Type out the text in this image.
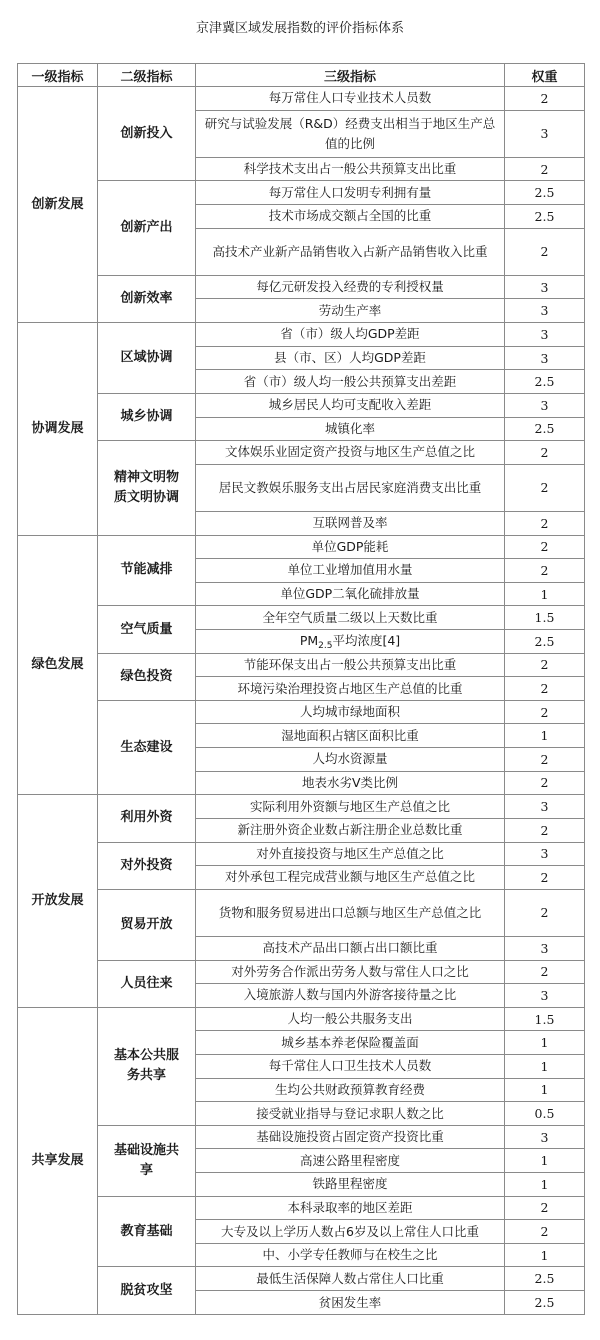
京津冀区域发展指数的评价指标体系
一级指标	二级指标	三级指标	权重
创新发展	创新投入	每万常住人口专业技术人员数	2
		研究与试验发展（R&D）经费支出相当于地区生产总值的比例	3
		科学技术支出占一般公共预算支出比重	2

	创新产出	每万常住人口发明专利拥有量	2.5
		技术市场成交额占全国的比重	2.5
		高技术产业新产品销售收入占新产品销售收入比重	2

	创新效率	每亿元研发投入经费的专利授权量	3
		劳动生产率	3
协调发展	区域协调	省（市）级人均GDP差距	3
		县（市、区）人均GDP差距	3
		省（市）级人均一般公共预算支出差距	2.5

	城乡协调	城乡居民人均可支配收入差距	3
		城镇化率	2.5

	精神文明物质文明协调	文体娱乐业固定资产投资与地区生产总值之比	2
		居民文教娱乐服务支出占居民家庭消费支出比重	2
		互联网普及率	2
绿色发展	节能减排	单位GDP能耗	2
		单位工业增加值用水量	2
		单位GDP二氧化硫排放量	1

	空气质量	全年空气质量二级以上天数比重	1.5
		$PM_{2.5}$平均浓度[4]	2.5

	绿色投资	节能环保支出占一般公共预算支出比重	2
		环境污染治理投资占地区生产总值的比重	2

	生态建设	人均城市绿地面积	2
		湿地面积占辖区面积比重	1
		人均水资源量	2
		地表水劣Ⅴ类比例	2
开放发展	利用外资	实际利用外资额与地区生产总值之比	3
		新注册外资企业数占新注册企业总数比重	2

	对外投资	对外直接投资与地区生产总值之比	3
		对外承包工程完成营业额与地区生产总值之比	2

	贸易开放	货物和服务贸易进出口总额与地区生产总值之比	2
		高技术产品出口额占出口额比重	3

	人员往来	对外劳务合作派出劳务人数与常住人口之比	2
		入境旅游人数与国内外游客接待量之比	3
共享发展	基本公共服务共享	人均一般公共服务支出	1.5
		城乡基本养老保险覆盖面	1
		每千常住人口卫生技术人员数	1
		生均公共财政预算教育经费	1
		接受就业指导与登记求职人数之比	0.5

	基础设施共享	基础设施投资占固定资产投资比重	3
		高速公路里程密度	1
		铁路里程密度	1

	教育基础	本科录取率的地区差距	2
		大专及以上学历人数占6岁及以上常住人口比重	2
		中、小学专任教师与在校生之比	1

	脱贫攻坚	最低生活保障人数占常住人口比重	2.5
		贫困发生率	2.5
